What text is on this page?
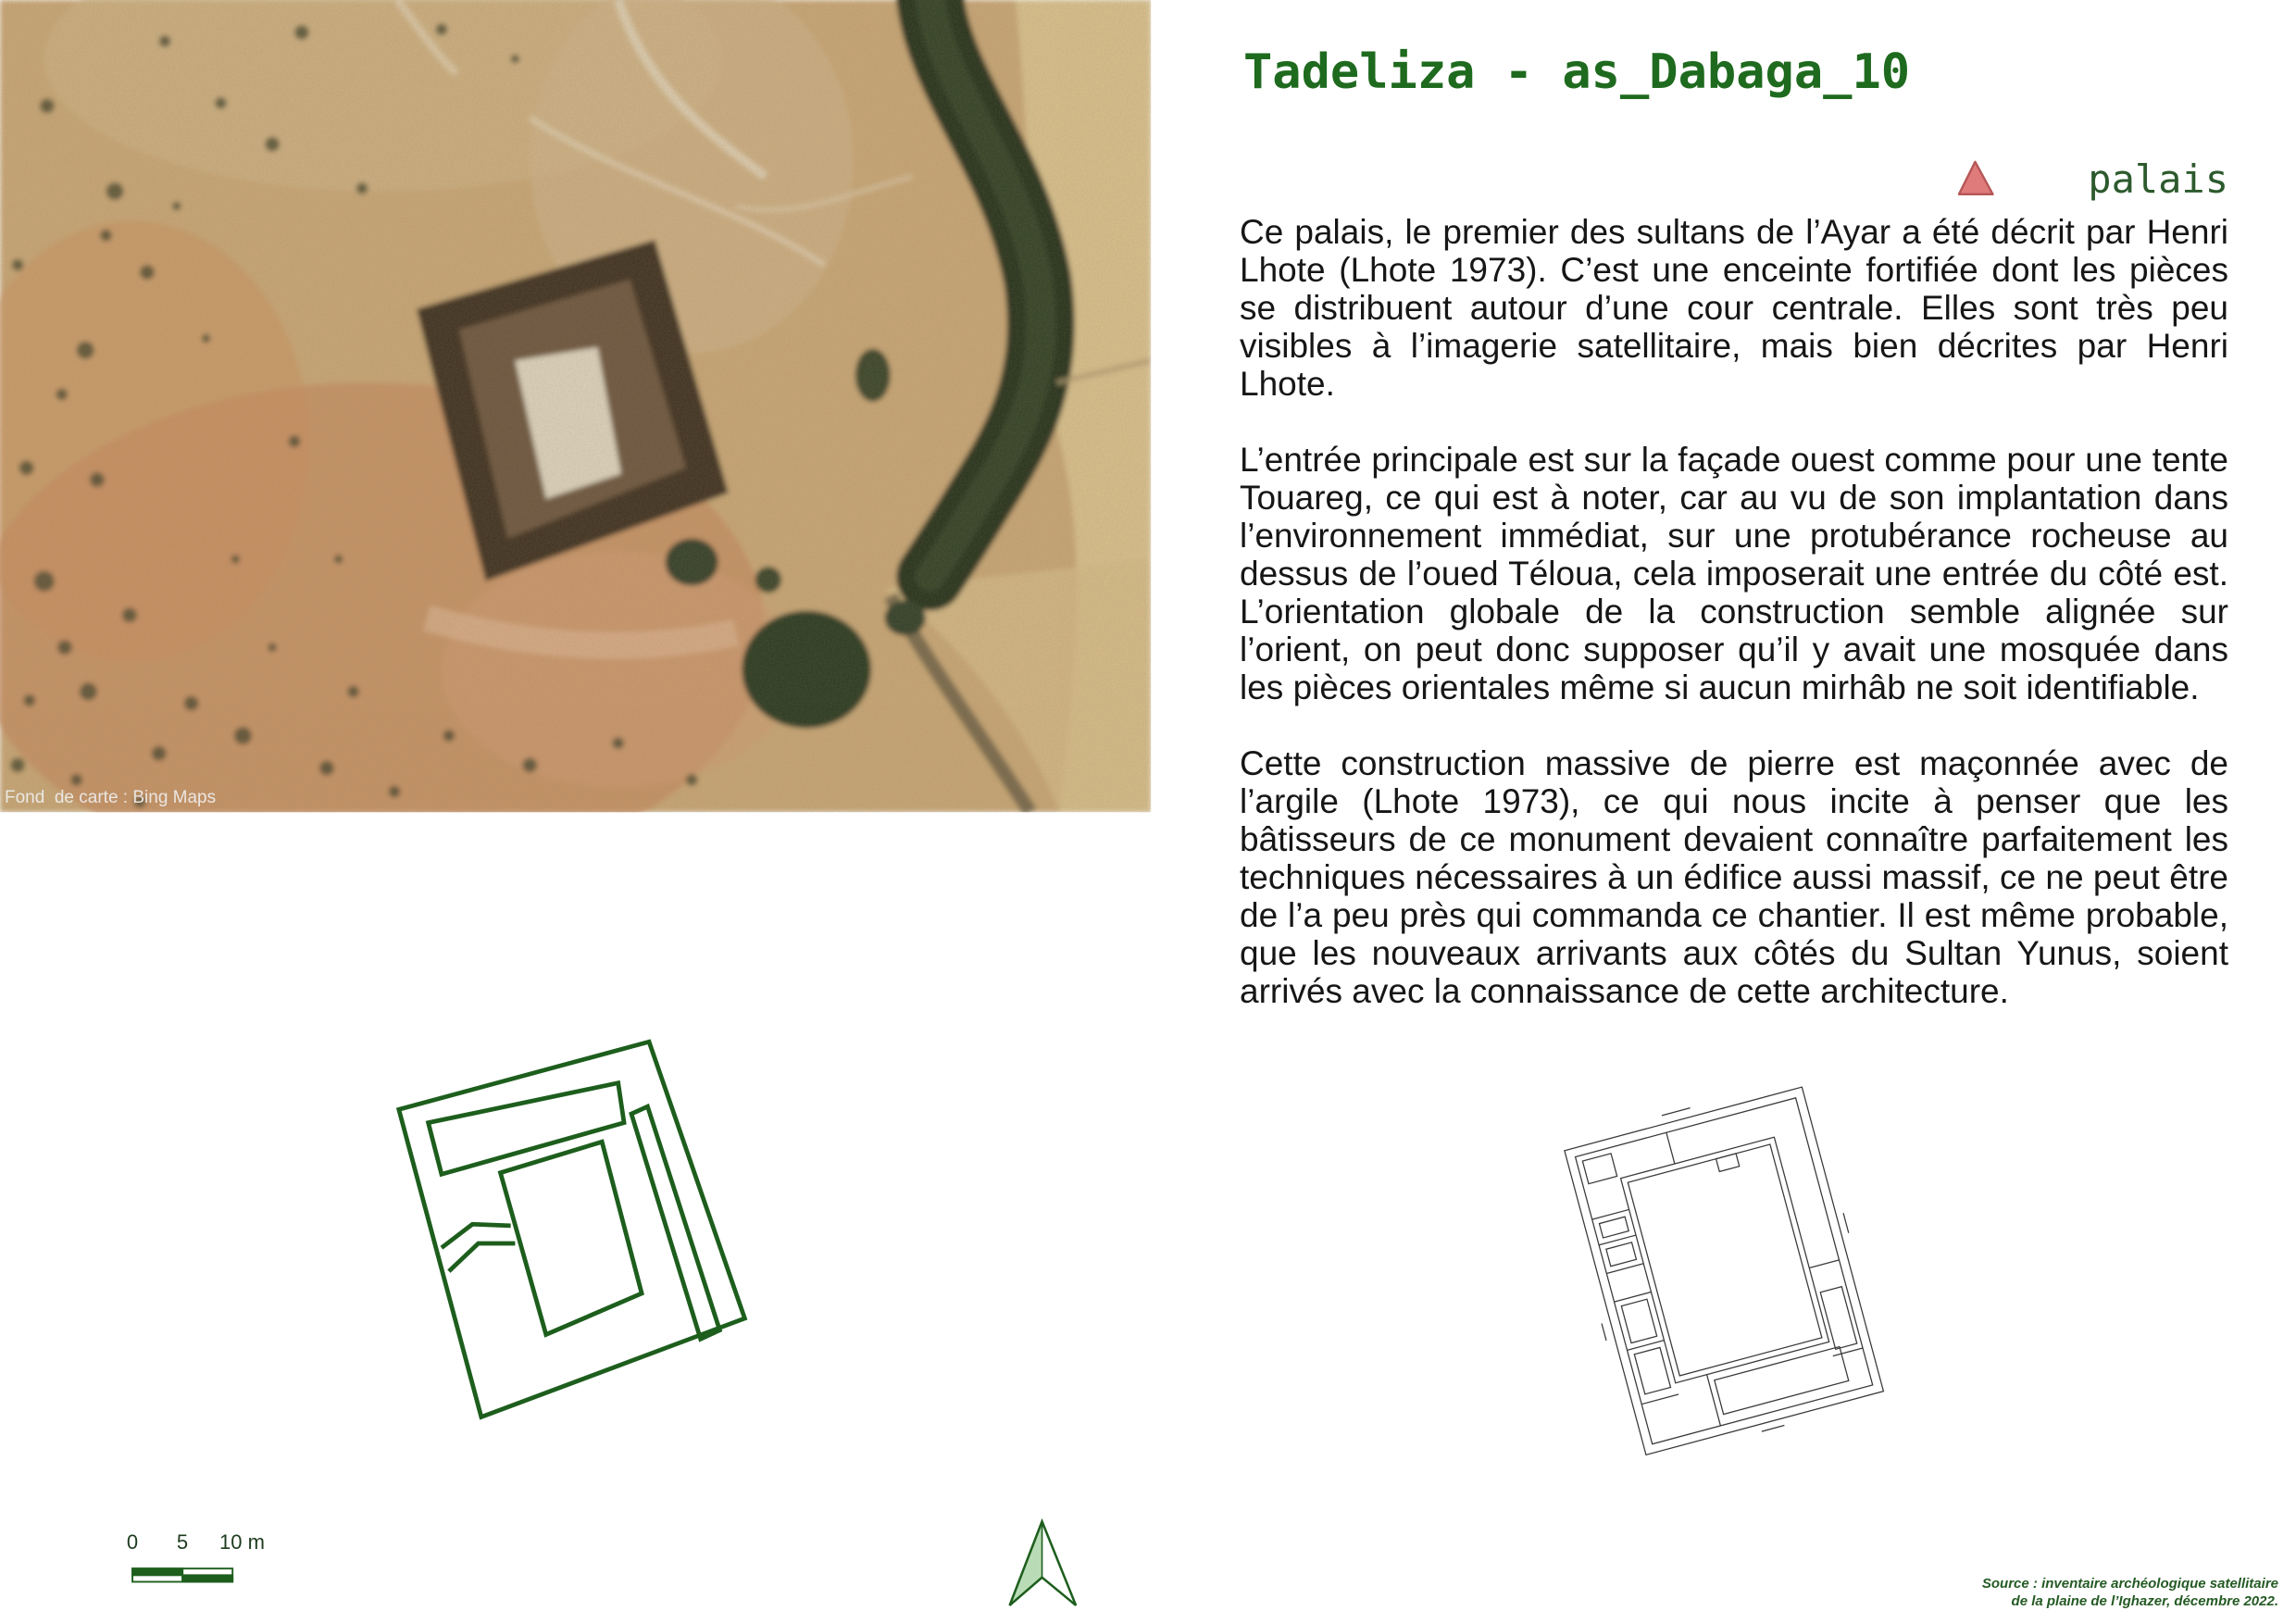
Tadeliza - as_Dabaga_10
palais

Ce palais, le premier des sultans de l’Ayar a été décrit par Henri Lhote (Lhote 1973). C’est une enceinte fortifiée dont les pièces se distribuent autour d’une cour centrale. Elles sont très peu visibles à l’imagerie satellitaire, mais bien décrites par Henri Lhote.

L’entrée principale est sur la façade ouest comme pour une tente Touareg, ce qui est à noter, car au vu de son implantation dans l’environnement immédiat, sur une protubérance rocheuse au dessus de l’oued Téloua, cela imposerait une entrée du côté est. L’orientation globale de la construction semble alignée sur l’orient, on peut donc supposer qu’il y avait une mosquée dans les pièces orientales même si aucun mirhâb ne soit identifiable.

Cette construction massive de pierre est maçonnée avec de l’argile (Lhote 1973), ce qui nous incite à penser que les bâtisseurs de ce monument devaient connaître parfaitement les techniques nécessaires à un édifice aussi massif, ce ne peut être de l’a peu près qui commanda ce chantier. Il est même probable, que les nouveaux arrivants aux côtés du Sultan Yunus, soient arrivés avec la connaissance de cette architecture.

Fond  de carte : Bing Maps
0 5 10 m
Source : inventaire archéologique satellitaire
de la plaine de l’Ighazer, décembre 2022.
